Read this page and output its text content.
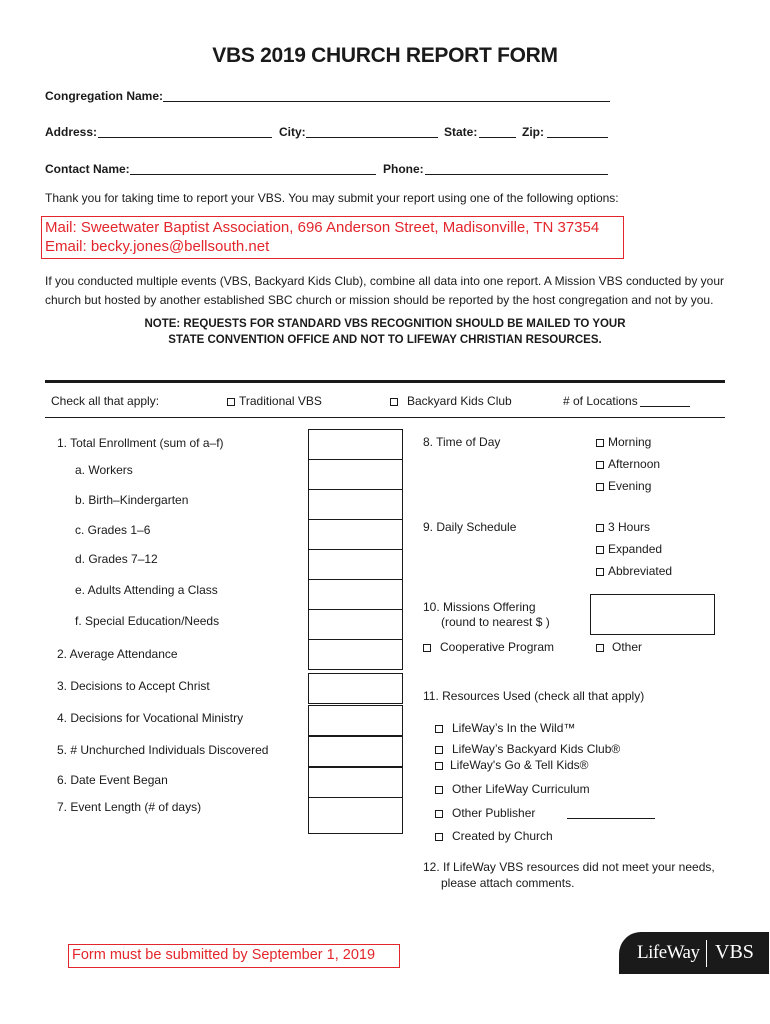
VBS 2019 CHURCH REPORT FORM
Congregation Name:
Address:	City:	State:	Zip:
Contact Name:	Phone:
Thank you for taking time to report your VBS. You may submit your report using one of the following options:
Mail: Sweetwater Baptist Association, 696 Anderson Street, Madisonville, TN 37354
Email: becky.jones@bellsouth.net
If you conducted multiple events (VBS, Backyard Kids Club), combine all data into one report. A Mission VBS conducted by your church but hosted by another established SBC church or mission should be reported by the host congregation and not by you.
NOTE: REQUESTS FOR STANDARD VBS RECOGNITION SHOULD BE MAILED TO YOUR
STATE CONVENTION OFFICE AND NOT TO LIFEWAY CHRISTIAN RESOURCES.
Check all that apply:	Traditional VBS	Backyard Kids Club	# of Locations
1. Total Enrollment (sum of a–f)
a. Workers
b. Birth–Kindergarten
c. Grades 1–6
d. Grades 7–12
e. Adults Attending a Class
f. Special Education/Needs
2. Average Attendance
3. Decisions to Accept Christ
4. Decisions for Vocational Ministry
5. # Unchurched Individuals Discovered
6. Date Event Began
7. Event Length (# of days)
8. Time of Day	Morning
Afternoon
Evening
9. Daily Schedule	3 Hours
Expanded
Abbreviated
10. Missions Offering
(round to nearest $ )
Cooperative Program	Other
11. Resources Used (check all that apply)
LifeWay’s In the Wild™
LifeWay’s Backyard Kids Club®
LifeWay's Go & Tell Kids®
Other LifeWay Curriculum
Other Publisher
Created by Church
12. If LifeWay VBS resources did not meet your needs,
please attach comments.
Form must be submitted by September 1, 2019	LifeWay VBS
